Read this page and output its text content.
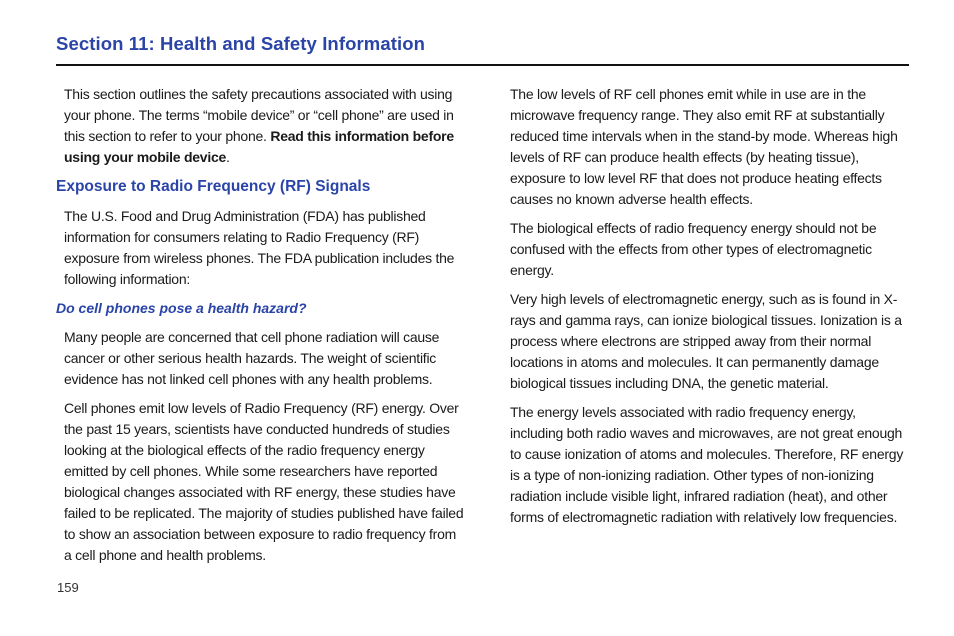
Section 11: Health and Safety Information

This section outlines the safety precautions associated with using your phone. The terms “mobile device” or “cell phone” are used in this section to refer to your phone. Read this information before using your mobile device.

Exposure to Radio Frequency (RF) Signals

The U.S. Food and Drug Administration (FDA) has published information for consumers relating to Radio Frequency (RF) exposure from wireless phones. The FDA publication includes the following information:

Do cell phones pose a health hazard?

Many people are concerned that cell phone radiation will cause cancer or other serious health hazards. The weight of scientific evidence has not linked cell phones with any health problems.

Cell phones emit low levels of Radio Frequency (RF) energy. Over the past 15 years, scientists have conducted hundreds of studies looking at the biological effects of the radio frequency energy emitted by cell phones. While some researchers have reported biological changes associated with RF energy, these studies have failed to be replicated. The majority of studies published have failed to show an association between exposure to radio frequency from a cell phone and health problems.

The low levels of RF cell phones emit while in use are in the microwave frequency range. They also emit RF at substantially reduced time intervals when in the stand-by mode. Whereas high levels of RF can produce health effects (by heating tissue), exposure to low level RF that does not produce heating effects causes no known adverse health effects.

The biological effects of radio frequency energy should not be confused with the effects from other types of electromagnetic energy.

Very high levels of electromagnetic energy, such as is found in X-rays and gamma rays, can ionize biological tissues. Ionization is a process where electrons are stripped away from their normal locations in atoms and molecules. It can permanently damage biological tissues including DNA, the genetic material.

The energy levels associated with radio frequency energy, including both radio waves and microwaves, are not great enough to cause ionization of atoms and molecules. Therefore, RF energy is a type of non-ionizing radiation. Other types of non-ionizing radiation include visible light, infrared radiation (heat), and other forms of electromagnetic radiation with relatively low frequencies.

159
